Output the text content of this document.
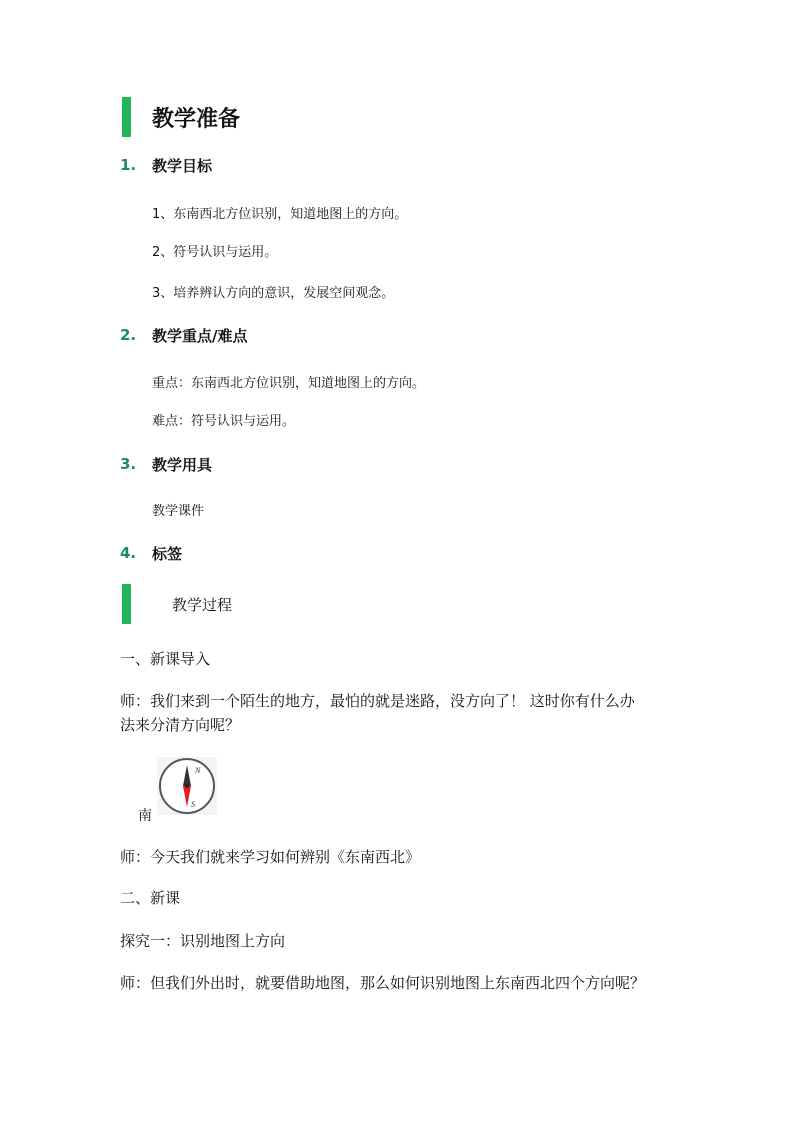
教学准备
1. 教学目标
1、东南西北方位识别，知道地图上的方向。
2、符号认识与运用。
3、培养辨认方向的意识，发展空间观念。
2. 教学重点/难点
重点：东南西北方位识别，知道地图上的方向。
难点：符号认识与运用。
3. 教学用具
教学课件
4. 标签
教学过程
一、新课导入
师：我们来到一个陌生的地方，最怕的就是迷路，没方向了！ 这时你有什么办
法来分清方向呢？
N
S
南
师：今天我们就来学习如何辨别《东南西北》
二、新课
探究一：识别地图上方向
师：但我们外出时，就要借助地图，那么如何识别地图上东南西北四个方向呢？
